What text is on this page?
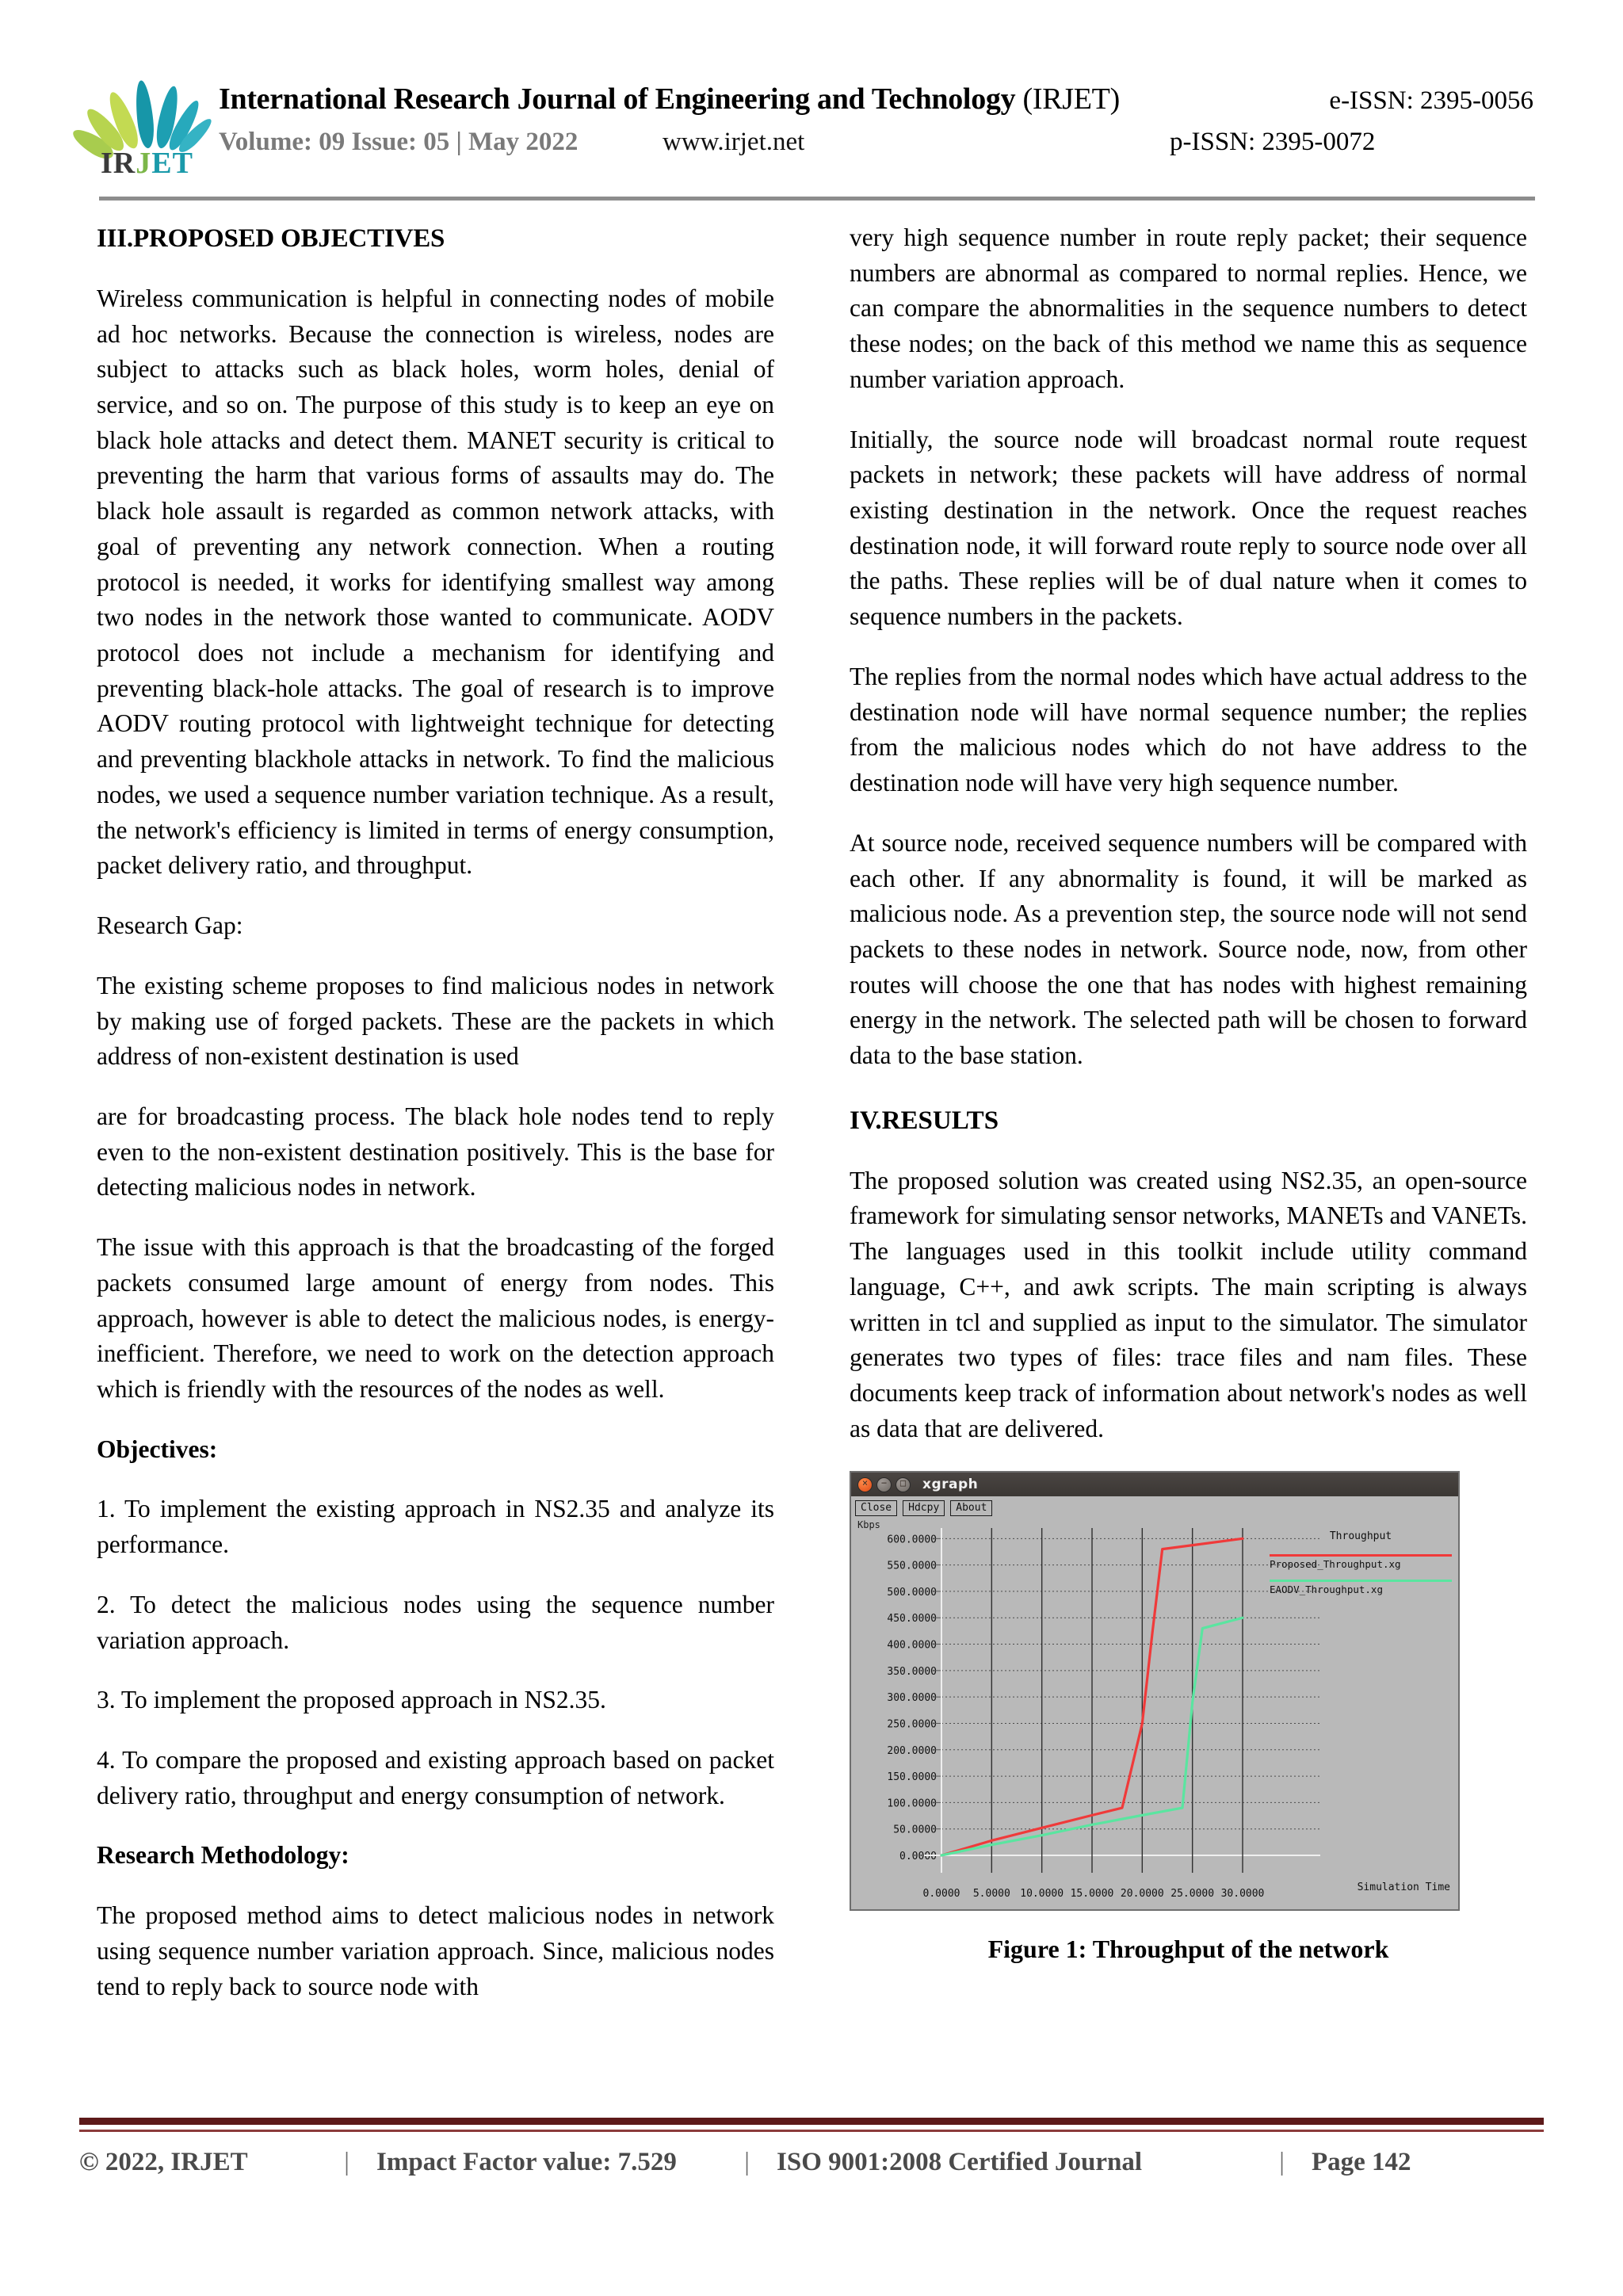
IRJET
International Research Journal of Engineering and Technology (IRJET)	e-ISSN: 2395-0056
Volume: 09 Issue: 05 | May 2022	www.irjet.net	p-ISSN: 2395-0072
III.PROPOSED OBJECTIVES

Wireless communication is helpful in connecting nodes of mobile ad hoc networks. Because the connection is wireless, nodes are subject to attacks such as black holes, worm holes, denial of service, and so on. The purpose of this study is to keep an eye on black hole attacks and detect them. MANET security is critical to preventing the harm that various forms of assaults may do. The black hole assault is regarded as common network attacks, with goal of preventing any network connection. When a routing protocol is needed, it works for identifying smallest way among two nodes in the network those wanted to communicate. AODV protocol does not include a mechanism for identifying and preventing black-hole attacks. The goal of research is to improve AODV routing protocol with lightweight technique for detecting and preventing blackhole attacks in network. To find the malicious nodes, we used a sequence number variation technique. As a result, the network's efficiency is limited in terms of energy consumption, packet delivery ratio, and throughput.

Research Gap:

The existing scheme proposes to find malicious nodes in network by making use of forged packets. These are the packets in which address of non-existent destination is used

are for broadcasting process. The black hole nodes tend to reply even to the non-existent destination positively. This is the base for detecting malicious nodes in network.

The issue with this approach is that the broadcasting of the forged packets consumed large amount of energy from nodes. This approach, however is able to detect the malicious nodes, is energy-inefficient. Therefore, we need to work on the detection approach which is friendly with the resources of the nodes as well.

Objectives:

1. To implement the existing approach in NS2.35 and analyze its performance.

2. To detect the malicious nodes using the sequence number variation approach.

3. To implement the proposed approach in NS2.35.

4. To compare the proposed and existing approach based on packet delivery ratio, throughput and energy consumption of network.

Research Methodology:

The proposed method aims to detect malicious nodes in network using sequence number variation approach. Since, malicious nodes tend to reply back to source node with

very high sequence number in route reply packet; their sequence numbers are abnormal as compared to normal replies. Hence, we can compare the abnormalities in the sequence numbers to detect these nodes; on the back of this method we name this as sequence number variation approach.

Initially, the source node will broadcast normal route request packets in network; these packets will have address of normal existing destination in the network. Once the request reaches destination node, it will forward route reply to source node over all the paths. These replies will be of dual nature when it comes to sequence numbers in the packets.

The replies from the normal nodes which have actual address to the destination node will have normal sequence number; the replies from the malicious nodes which do not have address to the destination node will have very high sequence number.

At source node, received sequence numbers will be compared with each other. If any abnormality is found, it will be marked as malicious node. As a prevention step, the source node will not send packets to these nodes in network. Source node, now, from other routes will choose the one that has nodes with highest remaining energy in the network. The selected path will be chosen to forward data to the base station.

IV.RESULTS

The proposed solution was created using NS2.35, an open-source framework for simulating sensor networks, MANETs and VANETs. The languages used in this toolkit include utility command language, C++, and awk scripts. The main scripting is always written in tcl and supplied as input to the simulator. The simulator generates two types of files: trace files and nam files. These documents keep track of information about network's nodes as well as data that are delivered.

×	−	□ xgraph
Close	Hdcpy	About
Kbps
0.0000
50.0000
100.0000
150.0000
200.0000
250.0000
300.0000
350.0000
400.0000
450.0000
500.0000
550.0000
600.0000
0.0000 5.0000 10.0000 15.0000 20.0000 25.0000 30.0000
Throughput
Proposed_Throughput.xg
EAODV_Throughput.xg
Simulation Time
Figure 1: Throughput of the network
© 2022, IRJET	|	Impact Factor value: 7.529	|	ISO 9001:2008 Certified Journal	|	Page 142
